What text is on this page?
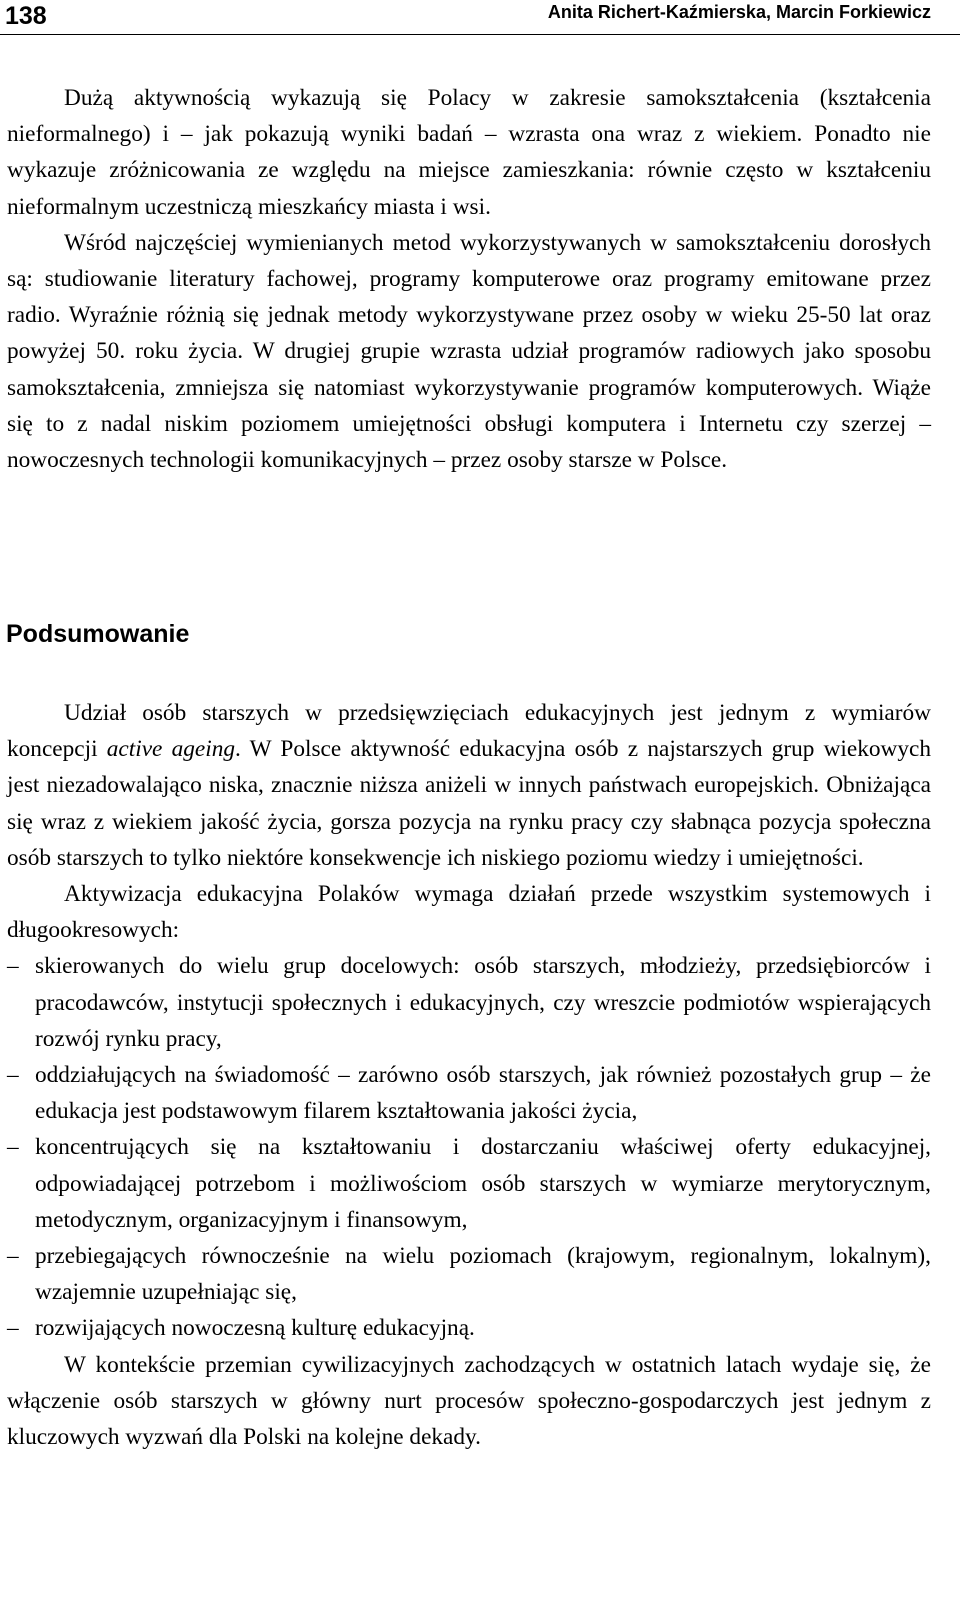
138	Anita Richert-Kaźmierska, Marcin Forkiewicz

Dużą aktywnością wykazują się Polacy w zakresie samokształcenia (kształcenia nieformalnego) i – jak pokazują wyniki badań – wzrasta ona wraz z wiekiem. Ponadto nie wykazuje zróżnicowania ze względu na miejsce zamieszkania: równie często w kształceniu nieformalnym uczestniczą mieszkańcy miasta i wsi.

Wśród najczęściej wymienianych metod wykorzystywanych w samokształceniu dorosłych są: studiowanie literatury fachowej, programy komputerowe oraz programy emitowane przez radio. Wyraźnie różnią się jednak metody wykorzystywane przez osoby w wieku 25-50 lat oraz powyżej 50. roku życia. W drugiej grupie wzrasta udział programów radiowych jako sposobu samokształcenia, zmniejsza się natomiast wykorzystywanie programów komputerowych. Wiąże się to z nadal niskim poziomem umiejętności obsługi komputera i Internetu czy szerzej – nowoczesnych technologii komunikacyjnych – przez osoby starsze w Polsce.

Podsumowanie

Udział osób starszych w przedsięwzięciach edukacyjnych jest jednym z wymiarów koncepcji active ageing. W Polsce aktywność edukacyjna osób z najstarszych grup wiekowych jest niezadowalająco niska, znacznie niższa aniżeli w innych państwach europejskich. Obniżająca się wraz z wiekiem jakość życia, gorsza pozycja na rynku pracy czy słabnąca pozycja społeczna osób starszych to tylko niektóre konsekwencje ich niskiego poziomu wiedzy i umiejętności.

Aktywizacja edukacyjna Polaków wymaga działań przede wszystkim systemowych i długookresowych:

– skierowanych do wielu grup docelowych: osób starszych, młodzieży, przedsiębiorców i pracodawców, instytucji społecznych i edukacyjnych, czy wreszcie podmiotów wspierających rozwój rynku pracy,
– oddziałujących na świadomość – zarówno osób starszych, jak również pozostałych grup – że edukacja jest podstawowym filarem kształtowania jakości życia,
– koncentrujących się na kształtowaniu i dostarczaniu właściwej oferty edukacyjnej, odpowiadającej potrzebom i możliwościom osób starszych w wymiarze merytorycznym, metodycznym, organizacyjnym i finansowym,
– przebiegających równocześnie na wielu poziomach (krajowym, regionalnym, lokalnym), wzajemnie uzupełniając się,
– rozwijających nowoczesną kulturę edukacyjną.

W kontekście przemian cywilizacyjnych zachodzących w ostatnich latach wydaje się, że włączenie osób starszych w główny nurt procesów społeczno-gospodarczych jest jednym z kluczowych wyzwań dla Polski na kolejne dekady.
